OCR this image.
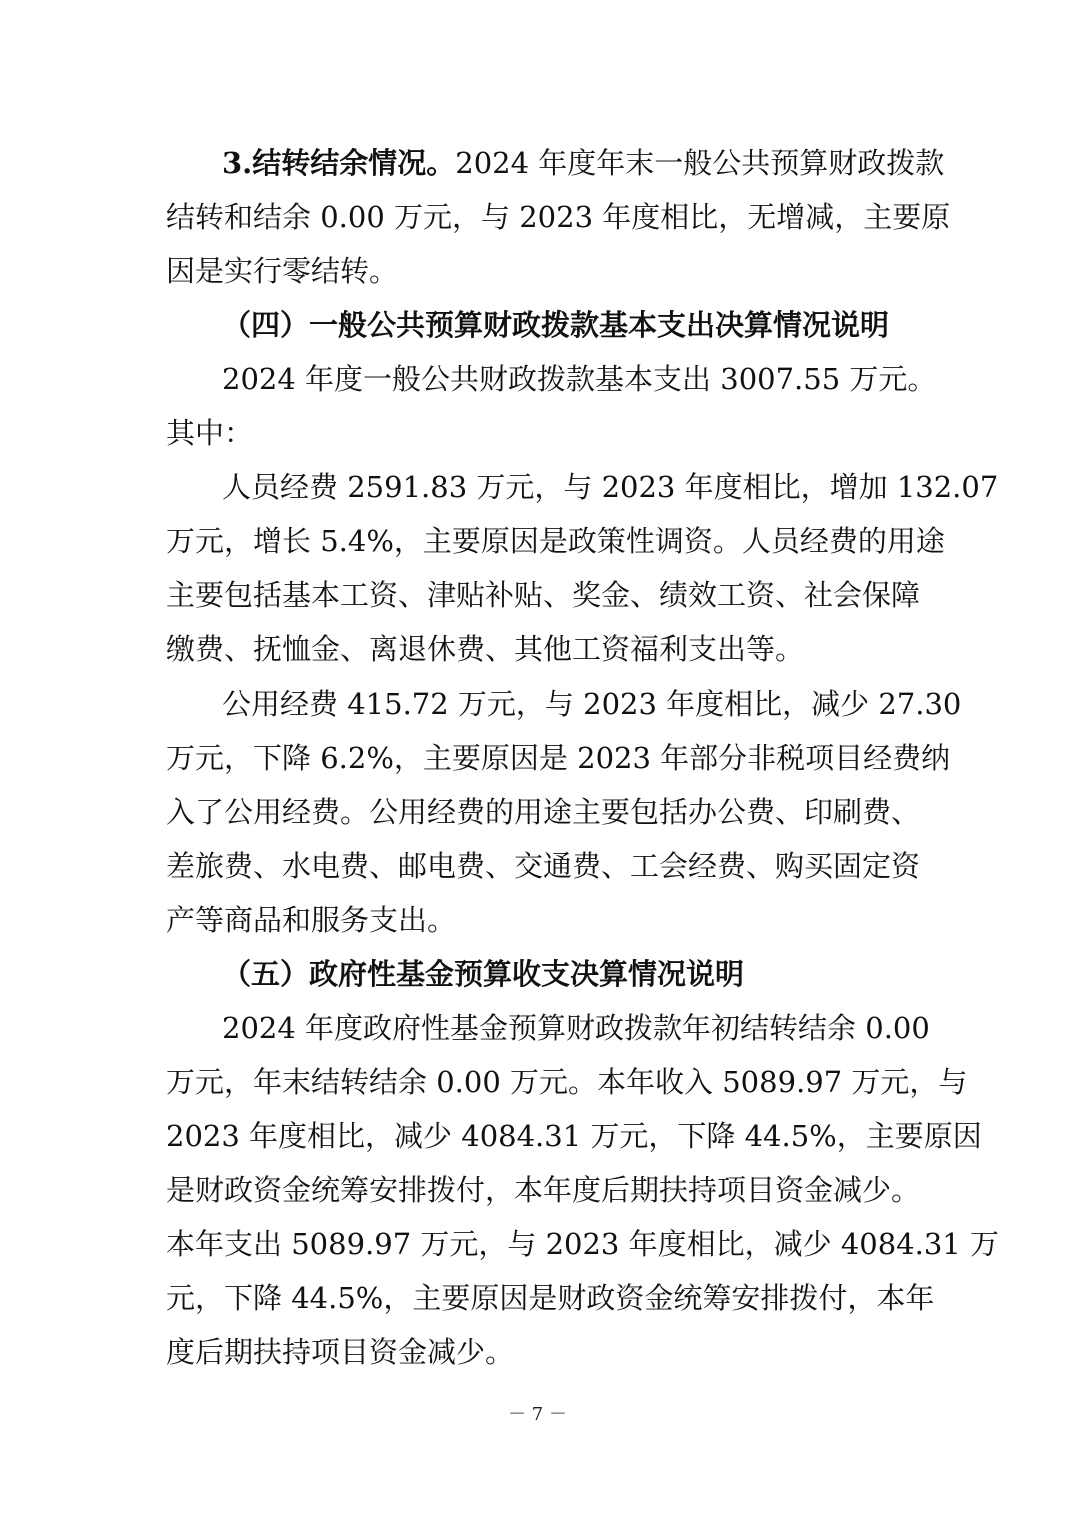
3.结转结余情况。2024 年度年末一般公共预算财政拨款
结转和结余 0.00 万元，与 2023 年度相比，无增减，主要原
因是实行零结转。
（四）一般公共预算财政拨款基本支出决算情况说明
2024 年度一般公共财政拨款基本支出 3007.55 万元。
其中：
人员经费 2591.83 万元，与 2023 年度相比，增加 132.07
万元，增长 5.4%，主要原因是政策性调资。人员经费的用途
主要包括基本工资、津贴补贴、奖金、绩效工资、社会保障
缴费、抚恤金、离退休费、其他工资福利支出等。
公用经费 415.72 万元，与 2023 年度相比，减少 27.30
万元，下降 6.2%，主要原因是 2023 年部分非税项目经费纳
入了公用经费。公用经费的用途主要包括办公费、印刷费、
差旅费、水电费、邮电费、交通费、工会经费、购买固定资
产等商品和服务支出。
（五）政府性基金预算收支决算情况说明
2024 年度政府性基金预算财政拨款年初结转结余 0.00
万元，年末结转结余 0.00 万元。本年收入 5089.97 万元，与
2023 年度相比，减少 4084.31 万元，下降 44.5%，主要原因
是财政资金统筹安排拨付，本年度后期扶持项目资金减少。
本年支出 5089.97 万元，与 2023 年度相比，减少 4084.31 万
元，下降 44.5%，主要原因是财政资金统筹安排拨付，本年
度后期扶持项目资金减少。
－ 7 －
